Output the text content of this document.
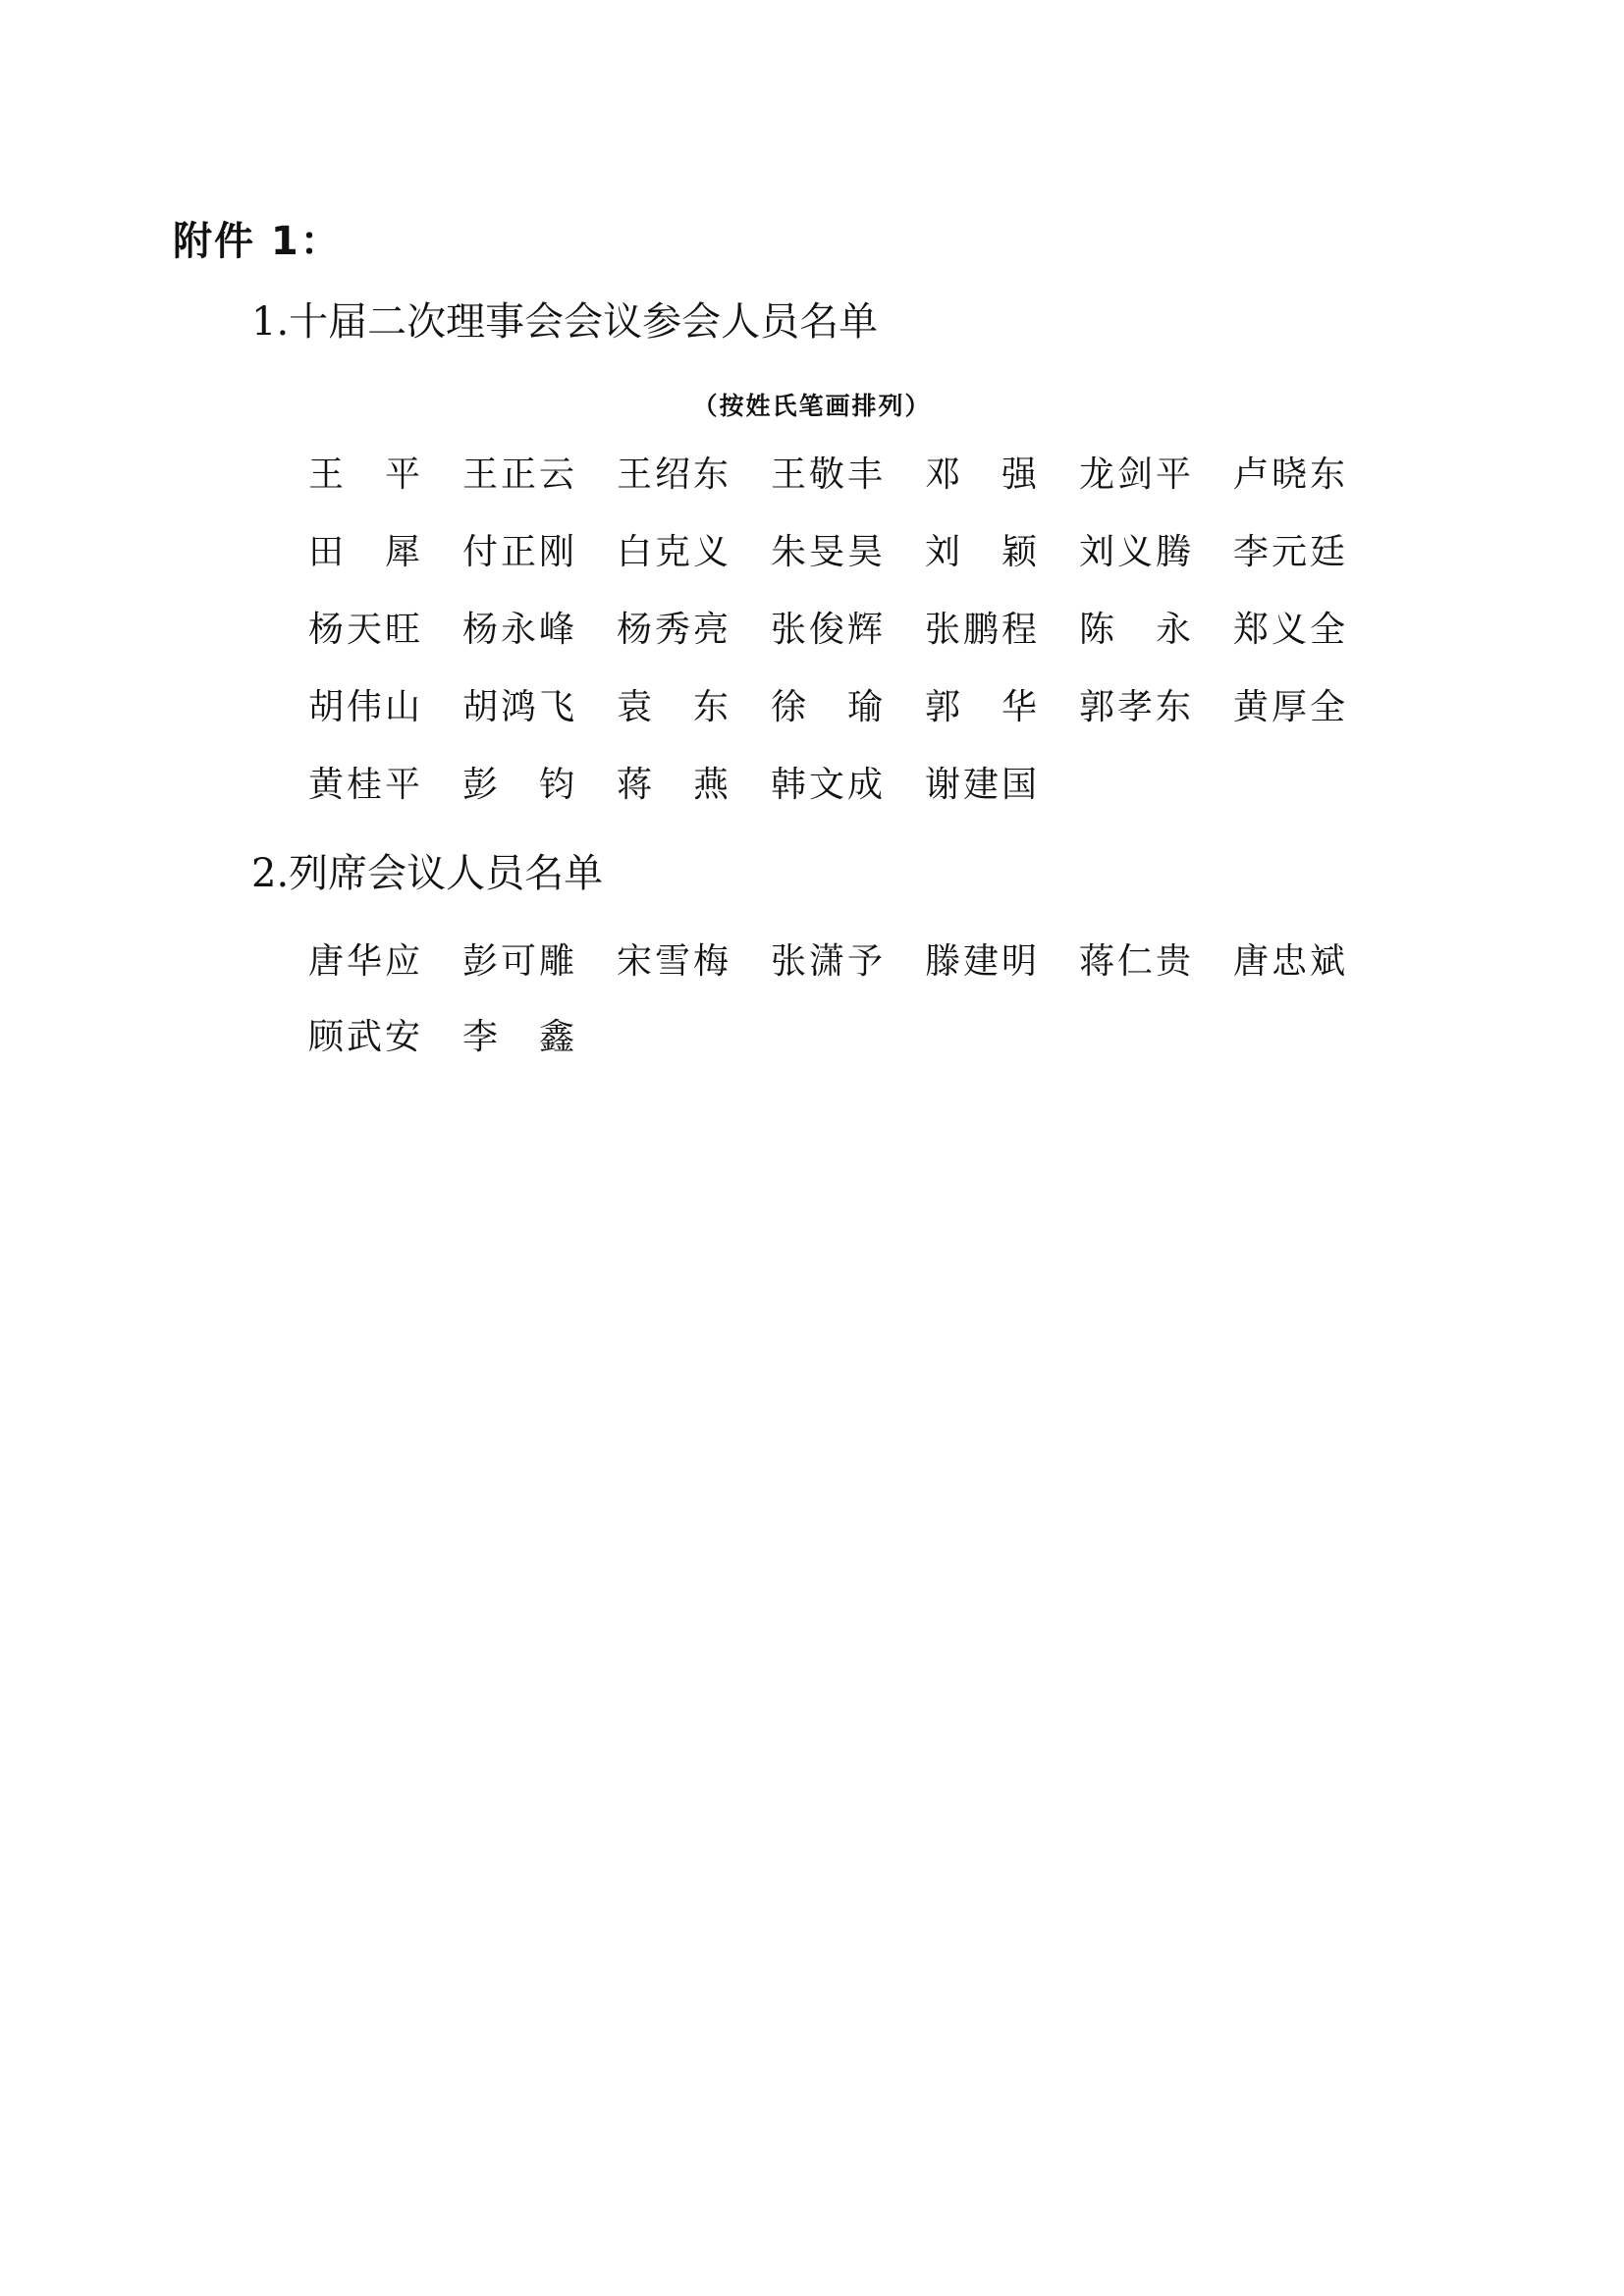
附件 1：
1.十届二次理事会会议参会人员名单
（按姓氏笔画排列）
王　平	王正云	王绍东	王敬丰	邓　强	龙剑平	卢晓东
田　犀	付正刚	白克义	朱旻昊	刘　颖	刘义腾	李元廷
杨天旺	杨永峰	杨秀亮	张俊辉	张鹏程	陈　永	郑义全
胡伟山	胡鸿飞	袁　东	徐　瑜	郭　华	郭孝东	黄厚全
黄桂平	彭　钧	蒋　燕	韩文成	谢建国
2.列席会议人员名单
唐华应	彭可雕	宋雪梅	张潇予	滕建明	蒋仁贵	唐忠斌
顾武安	李　鑫
